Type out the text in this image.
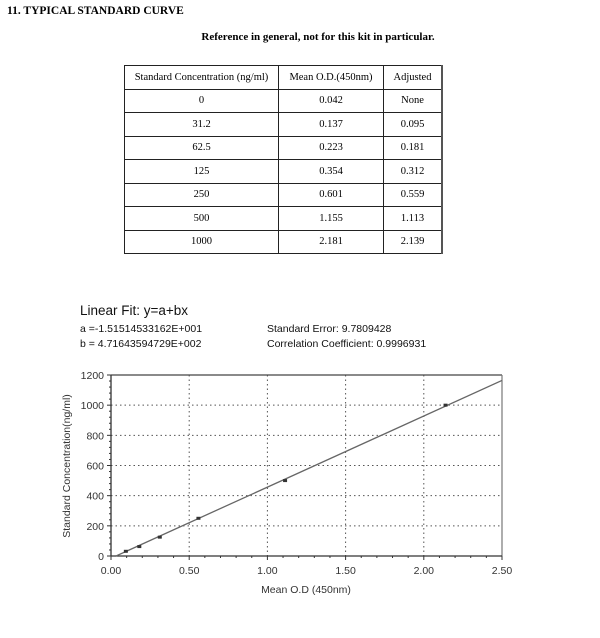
11. TYPICAL STANDARD CURVE
Reference in general, not for this kit in particular.
Standard Concentration (ng/ml)	Mean O.D.(450nm)	Adjusted
0	0.042	None
31.2	0.137	0.095
62.5	0.223	0.181
125	0.354	0.312
250	0.601	0.559
500	1.155	1.113
1000	2.181	2.139
Linear Fit: y=a+bx
a =-1.51514533162E+001
b = 4.71643594729E+002
Standard Error: 9.7809428
Correlation Coefficient: 0.9996931
0.00	0.50	1.00	1.50	2.00	2.50
0
200
400
600
800
1000
1200
Mean O.D (450nm)
Standard Concentration(ng/ml)
